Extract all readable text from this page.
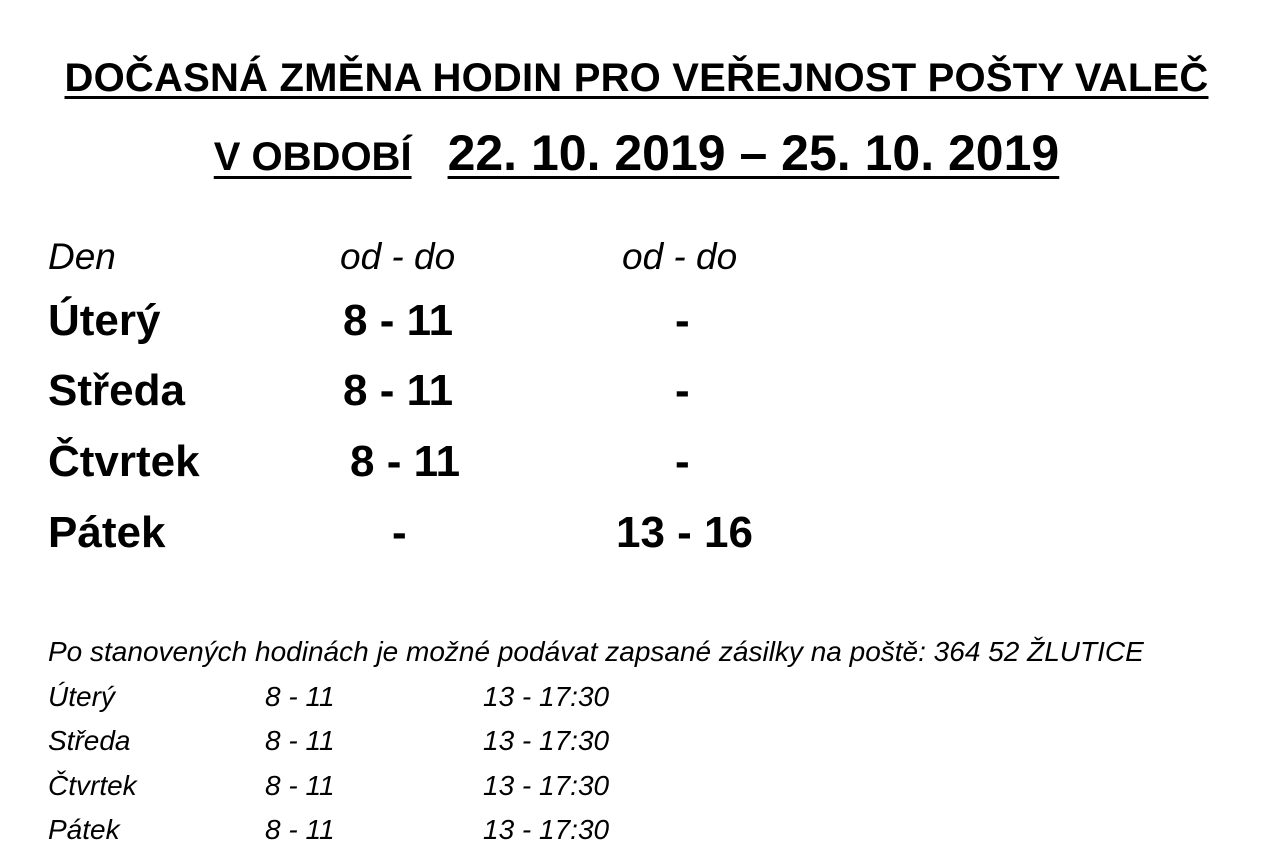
DOČASNÁ ZMĚNA HODIN PRO VEŘEJNOST POŠTY VALEČ
V OBDOBÍ 22. 10. 2019 – 25. 10. 2019
Den	od - do	od - do
Úterý	8 - 11	-
Středa	8 - 11	-
Čtvrtek	8 - 11	-
Pátek	-	13 - 16
Po stanovených hodinách je možné podávat zapsané zásilky na poště: 364 52 ŽLUTICE
Úterý	8 - 11	13 - 17:30
Středa	8 - 11	13 - 17:30
Čtvrtek	8 - 11	13 - 17:30
Pátek	8 - 11	13 - 17:30
